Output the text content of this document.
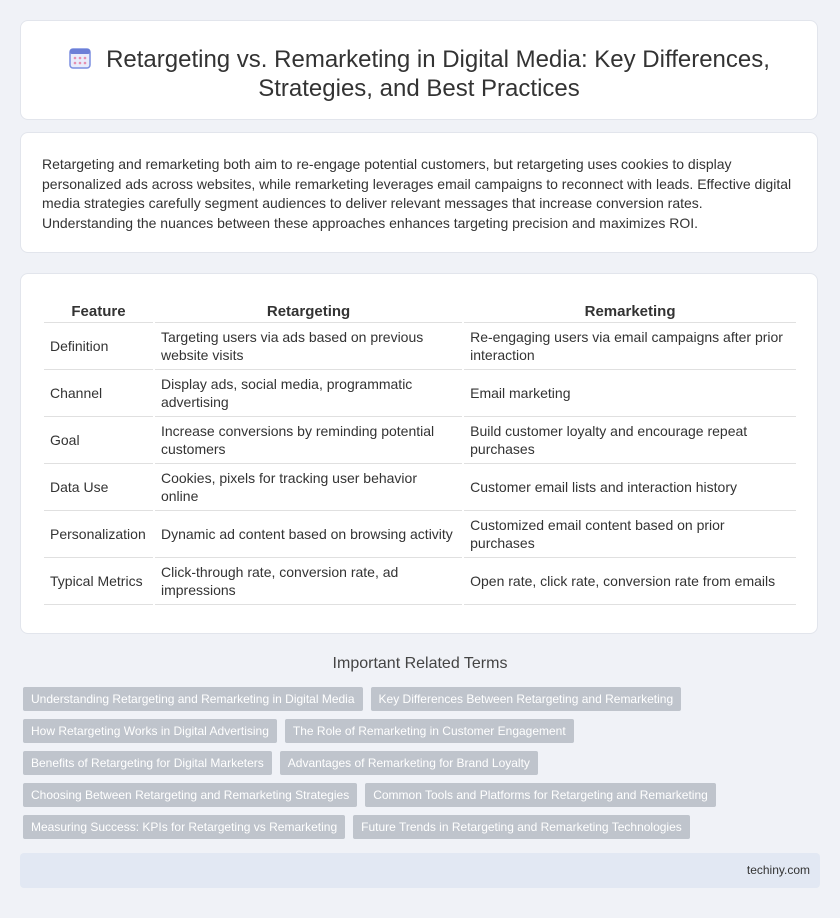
Retargeting vs. Remarketing in Digital Media: Key Differences,
Strategies, and Best Practices

Retargeting and remarketing both aim to re-engage potential customers, but retargeting uses cookies to display personalized ads across websites, while remarketing leverages email campaigns to reconnect with leads. Effective digital media strategies carefully segment audiences to deliver relevant messages that increase conversion rates. Understanding the nuances between these approaches enhances targeting precision and maximizes ROI.

Feature	Retargeting	Remarketing
Definition	Targeting users via ads based on previous website visits	Re-engaging users via email campaigns after prior interaction
Channel	Display ads, social media, programmatic advertising	Email marketing
Goal	Increase conversions by reminding potential customers	Build customer loyalty and encourage repeat purchases
Data Use	Cookies, pixels for tracking user behavior online	Customer email lists and interaction history
Personalization	Dynamic ad content based on browsing activity	Customized email content based on prior purchases
Typical Metrics	Click-through rate, conversion rate, ad impressions	Open rate, click rate, conversion rate from emails
Important Related Terms
Understanding Retargeting and Remarketing in Digital Media	Key Differences Between Retargeting and Remarketing
How Retargeting Works in Digital Advertising	The Role of Remarketing in Customer Engagement
Benefits of Retargeting for Digital Marketers	Advantages of Remarketing for Brand Loyalty
Choosing Between Retargeting and Remarketing Strategies	Common Tools and Platforms for Retargeting and Remarketing
Measuring Success: KPIs for Retargeting vs Remarketing	Future Trends in Retargeting and Remarketing Technologies
techiny.com
